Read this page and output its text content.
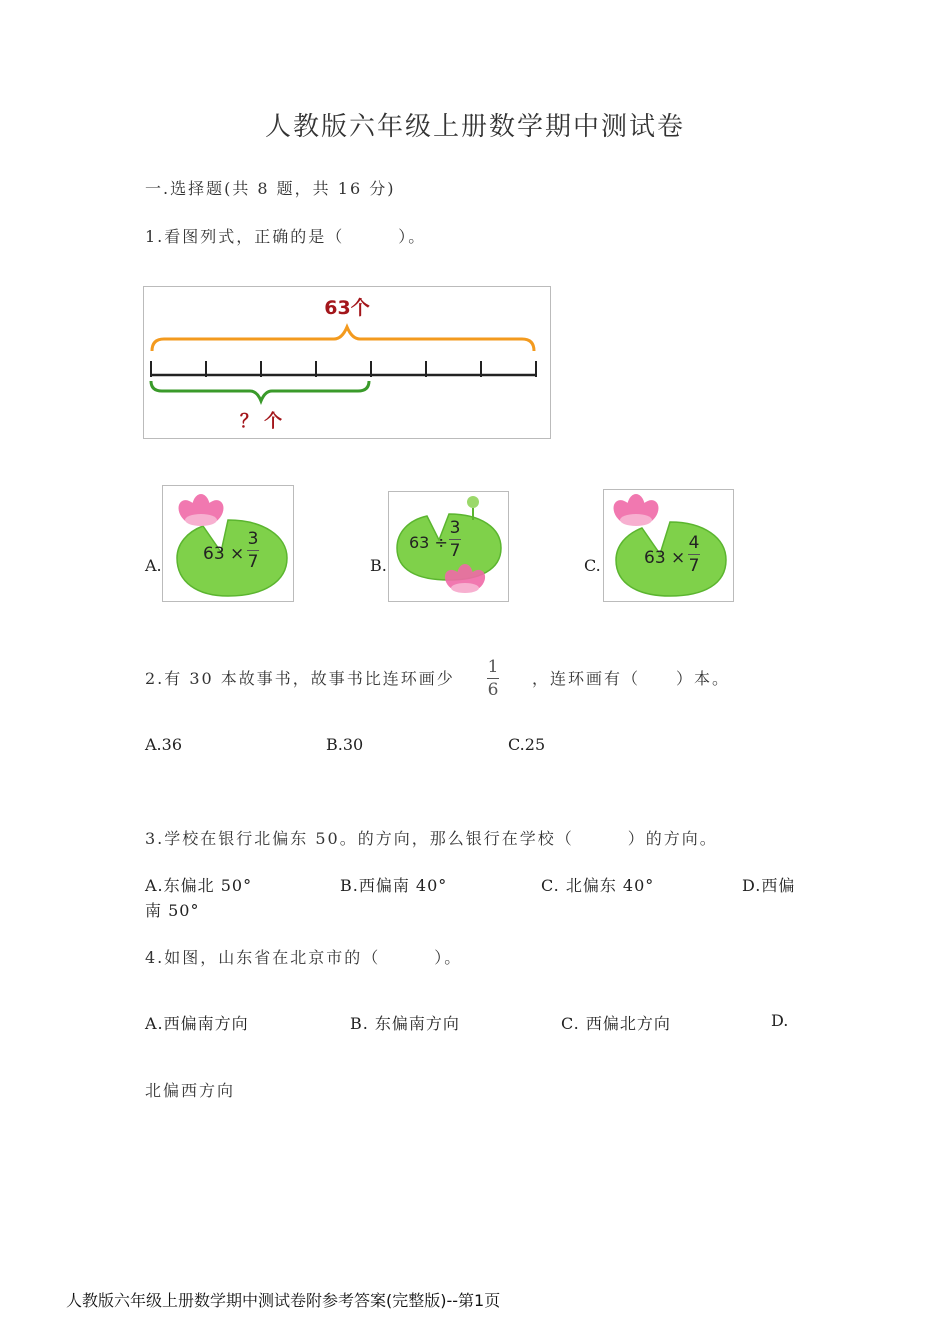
人教版六年级上册数学期中测试卷
一.选择题(共 8 题，共 16 分)
1.看图列式，正确的是（　　　）。
63个
？ 个
A.
63 ×
3
7	B.
63 ÷
3
7
C.	63 ×
4
7
2.有 30 本故事书，故事书比连环画少
1
6
，连环画有（　　）本。
A.36	B.30	C.25
3.学校在银行北偏东 50。的方向，那么银行在学校（　　　）的方向。
A.东偏北 50°	B.西偏南 40°	C. 北偏东 40°	D.西偏
南 50°
4.如图，山东省在北京市的（　　　）。
A.西偏南方向	B. 东偏南方向	C. 西偏北方向	D.
北偏西方向
人教版六年级上册数学期中测试卷附参考答案(完整版)--第1页
